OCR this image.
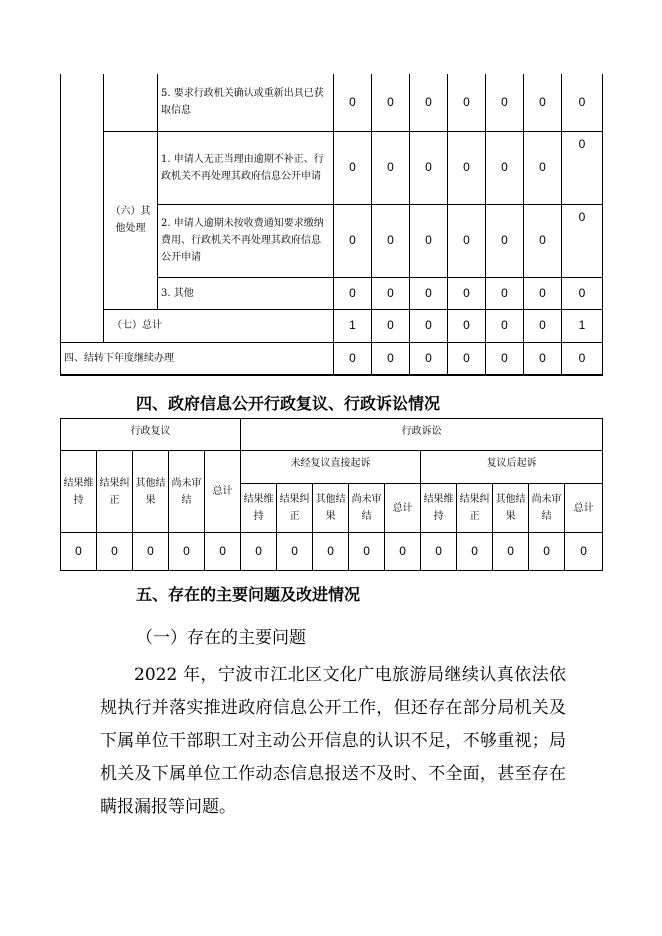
		5. 要求行政机关确认或重新出具已获取信息	0	0	0	0	0	0	0
	（六）其他处理	1. 申请人无正当理由逾期不补正、行政机关不再处理其政府信息公开申请	0	0	0	0	0	0	0
		2. 申请人逾期未按收费通知要求缴纳费用、行政机关不再处理其政府信息公开申请	0	0	0	0	0	0	0
		3. 其他	0	0	0	0	0	0	0
	（七）总计		1	0	0	0	0	0	1
四、结转下年度继续办理			0	0	0	0	0	0	0
四、政府信息公开行政复议、行政诉讼情况
行政复议					行政诉讼									
结果维持	结果纠正	其他结果	尚未审结	总计	未经复议直接起诉					复议后起诉				
					结果维持	结果纠正	其他结果	尚未审结	总计	结果维持	结果纠正	其他结果	尚未审结	总计
0	0	0	0	0	0	0	0	0	0	0	0	0	0	0
五、存在的主要问题及改进情况
（一）存在的主要问题
2022 年，宁波市江北区文化广电旅游局继续认真依法依规执行并落实推进政府信息公开工作，但还存在部分局机关及下属单位干部职工对主动公开信息的认识不足，不够重视；局机关及下属单位工作动态信息报送不及时、不全面，甚至存在瞒报漏报等问题。
